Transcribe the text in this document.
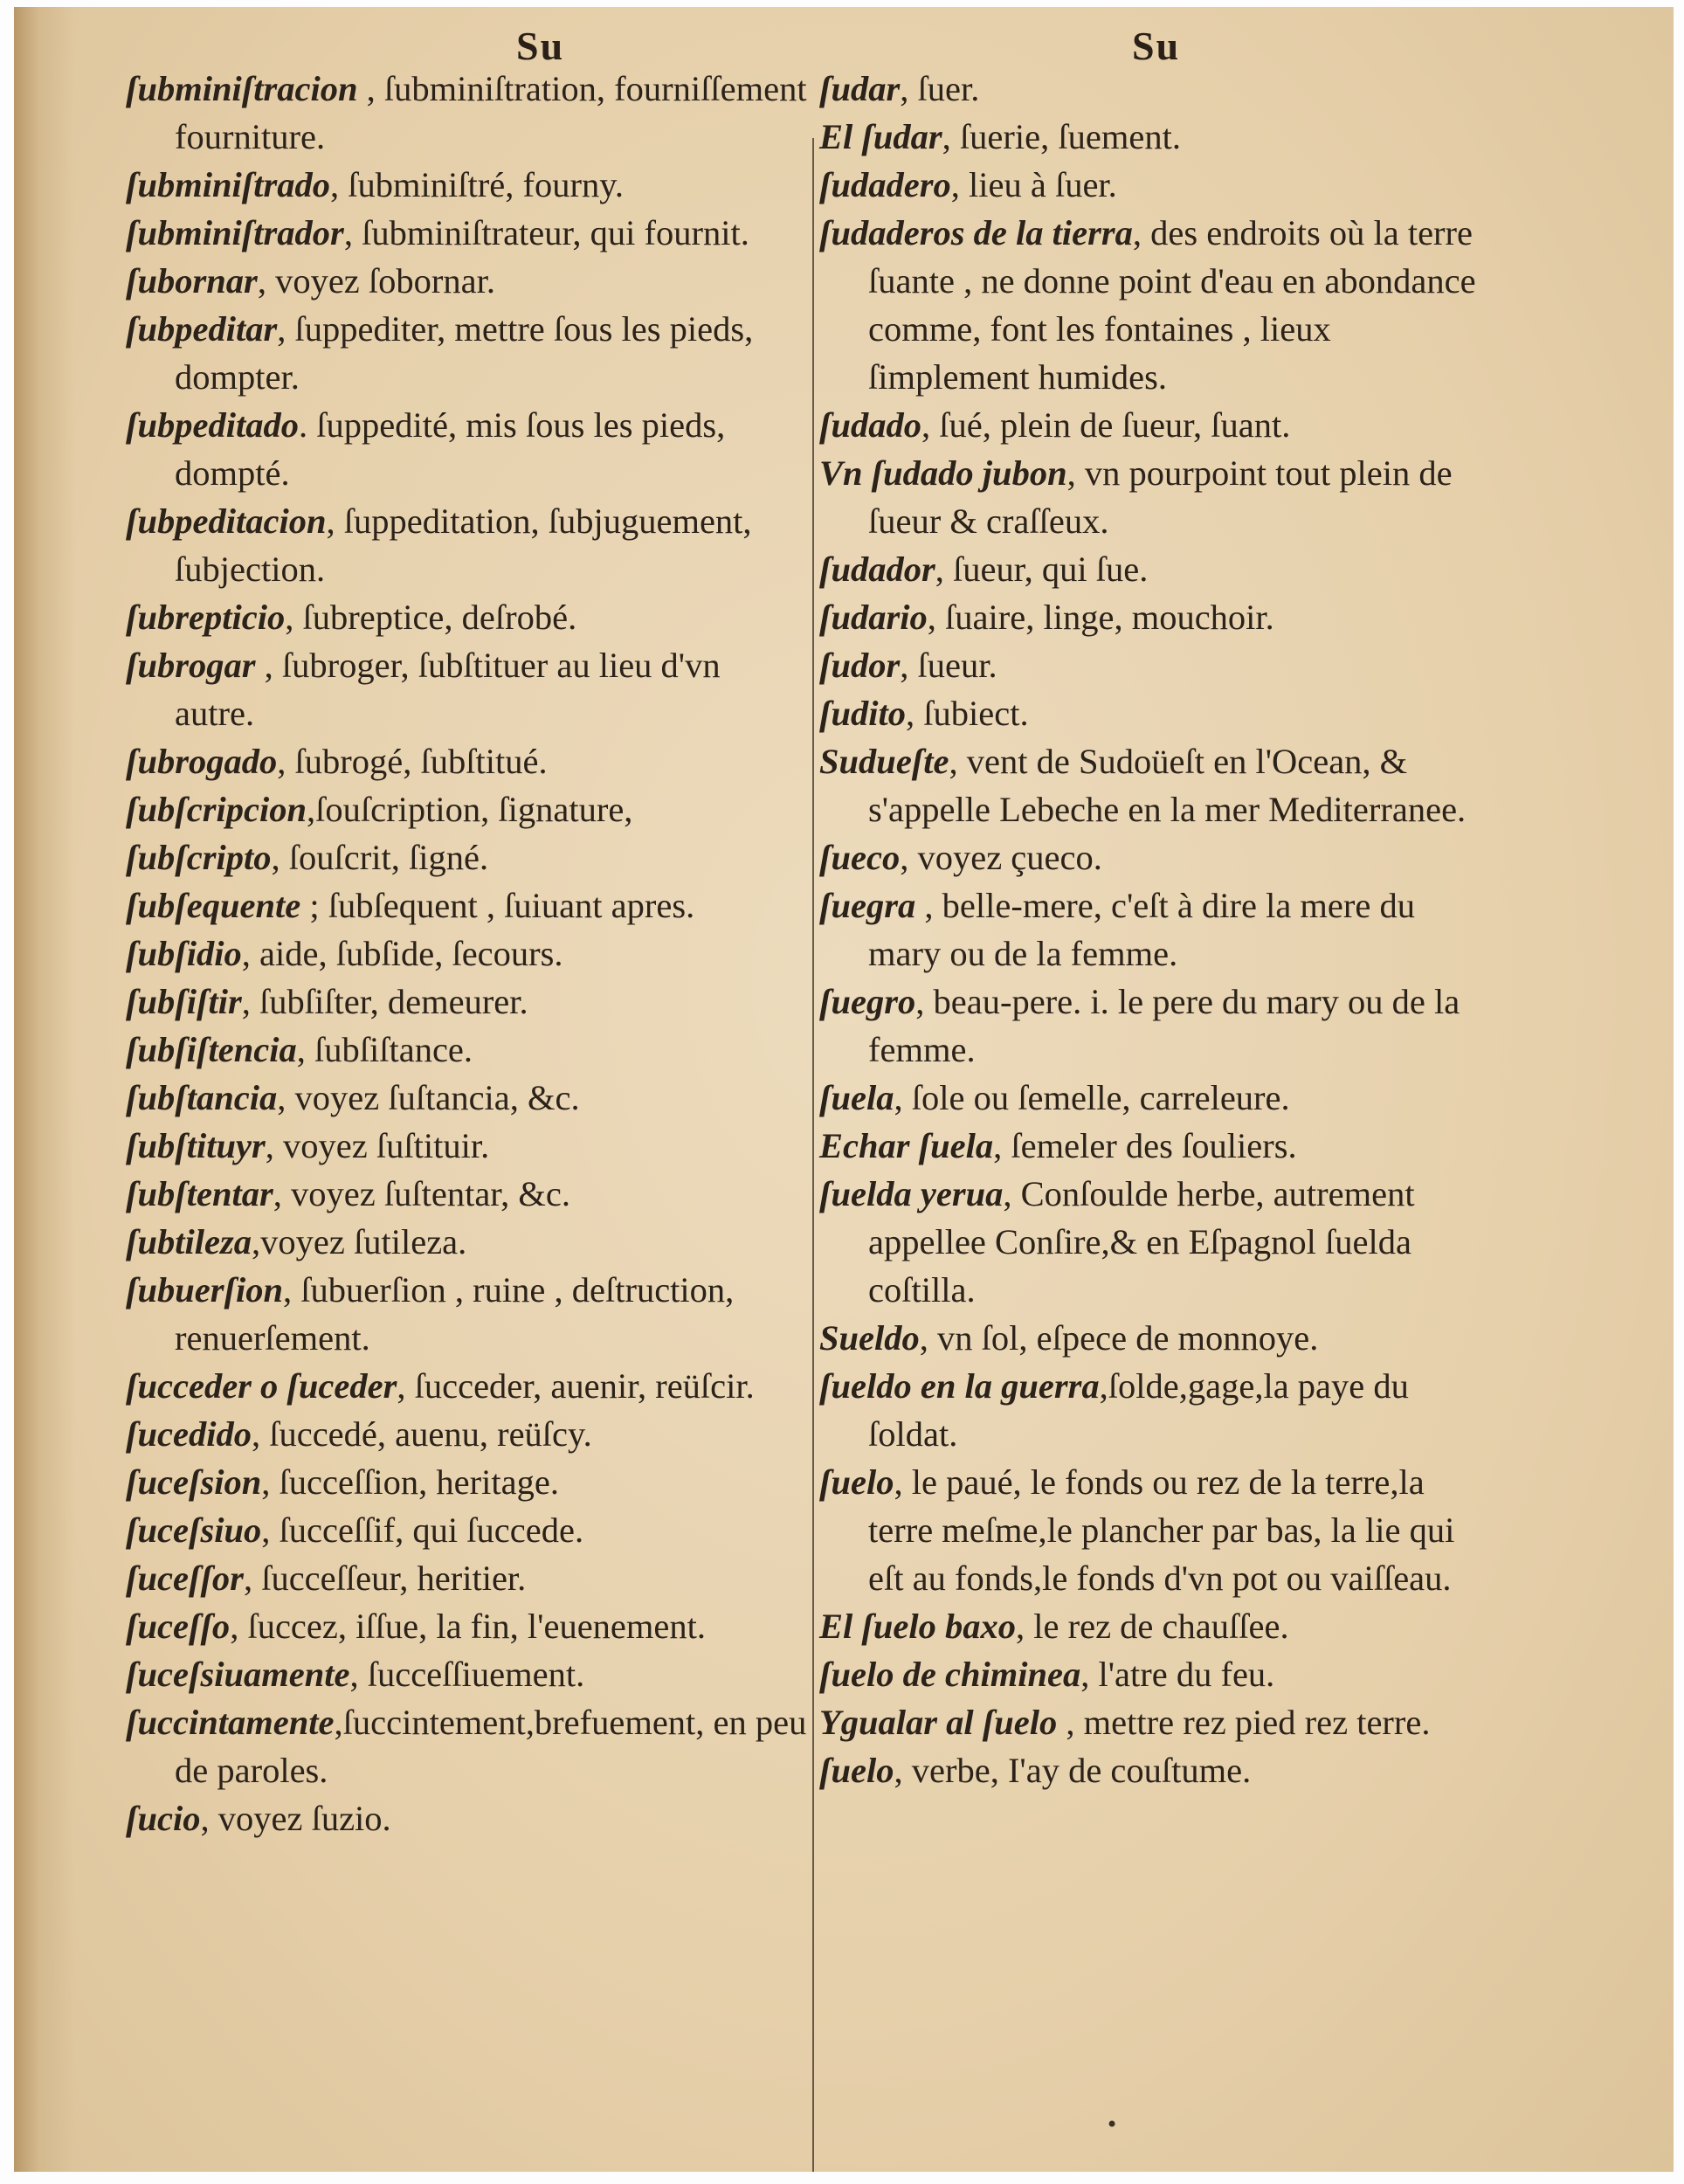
Su	Su
ſubminiſtracion , ſubminiſtration, fourniſſement fourniture.
ſubminiſtrado, ſubminiſtré, fourny.
ſubminiſtrador, ſubminiſtrateur, qui fournit.
ſubornar, voyez ſobornar.
ſubpeditar, ſuppediter, mettre ſous les pieds, dompter.
ſubpeditado. ſuppedité, mis ſous les pieds, dompté.
ſubpeditacion, ſuppeditation, ſubjuguement, ſubjection.
ſubrepticio, ſubreptice, deſrobé.
ſubrogar , ſubroger, ſubſtituer au lieu d'vn autre.
ſubrogado, ſubrogé, ſubſtitué.
ſubſcripcion,ſouſcription, ſignature,
ſubſcripto, ſouſcrit, ſigné.
ſubſequente ; ſubſequent , ſuiuant apres.
ſubſidio, aide, ſubſide, ſecours.
ſubſiſtir, ſubſiſter, demeurer.
ſubſiſtencia, ſubſiſtance.
ſubſtancia, voyez ſuſtancia, &c.
ſubſtituyr, voyez ſuſtituir.
ſubſtentar, voyez ſuſtentar, &c.
ſubtileza,voyez ſutileza.
ſubuerſion, ſubuerſion , ruine , deſtruction, renuerſement.
ſucceder o ſuceder, ſucceder, auenir, reüſcir.
ſucedido, ſuccedé, auenu, reüſcy.
ſuceſsion, ſucceſſion, heritage.
ſuceſsiuo, ſucceſſif, qui ſuccede.
ſuceſſor, ſucceſſeur, heritier.
ſuceſſo, ſuccez, iſſue, la fin, l'euenement.
ſuceſsiuamente, ſucceſſiuement.
ſuccintamente,ſuccintement,brefuement, en peu de paroles.
ſucio, voyez ſuzio.
ſudar, ſuer.
El ſudar, ſuerie, ſuement.
ſudadero, lieu à ſuer.
ſudaderos de la tierra, des endroits où la terre ſuante , ne donne point d'eau en abondance comme, font les fontaines , lieux ſimplement humides.
ſudado, ſué, plein de ſueur, ſuant.
Vn ſudado jubon, vn pourpoint tout plein de ſueur & craſſeux.
ſudador, ſueur, qui ſue.
ſudario, ſuaire, linge, mouchoir.
ſudor, ſueur.
ſudito, ſubiect.
Sudueſte, vent de Sudoüeſt en l'Ocean, & s'appelle Lebeche en la mer Mediterranee.
ſueco, voyez çueco.
ſuegra , belle-mere, c'eſt à dire la mere du mary ou de la femme.
ſuegro, beau-pere. i. le pere du mary ou de la femme.
ſuela, ſole ou ſemelle, carreleure.
Echar ſuela, ſemeler des ſouliers.
ſuelda yerua, Conſoulde herbe, autrement appellee Conſire,& en Eſpagnol ſuelda coſtilla.
Sueldo, vn ſol, eſpece de monnoye.
ſueldo en la guerra,ſolde,gage,la paye du ſoldat.
ſuelo, le paué, le fonds ou rez de la terre,la terre meſme,le plancher par bas, la lie qui eſt au fonds,le fonds d'vn pot ou vaiſſeau.
El ſuelo baxo, le rez de chauſſee.
ſuelo de chiminea, l'atre du feu.
Ygualar al ſuelo , mettre rez pied rez terre.
ſuelo, verbe, I'ay de couſtume.
•
